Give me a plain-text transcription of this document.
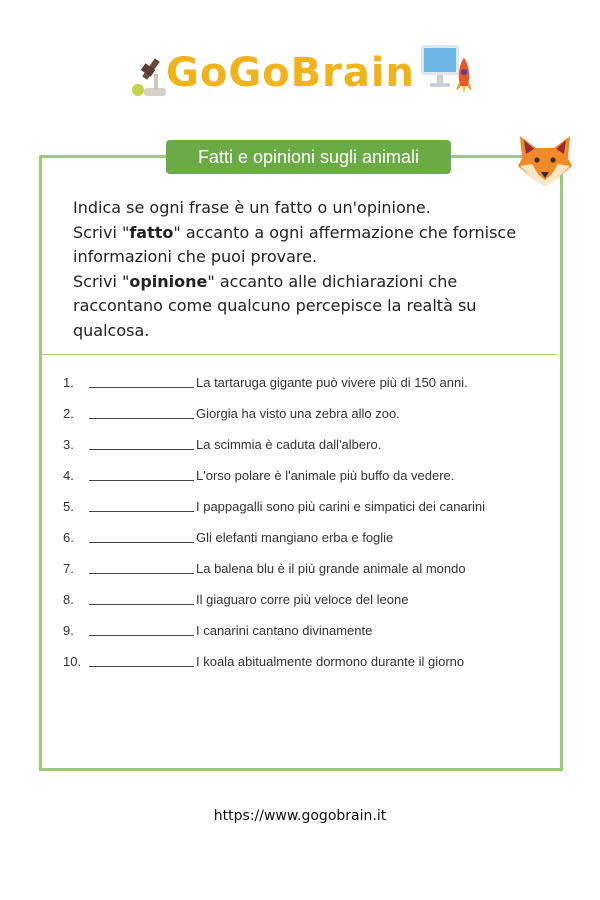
GoGoBrain
Fatti e opinioni sugli animali

Indica se ogni frase è un fatto o un'opinione.

Scrivi "fatto" accanto a ogni affermazione che fornisce informazioni che puoi provare.

Scrivi "opinione" accanto alle dichiarazioni che raccontano come qualcuno percepisce la realtà su qualcosa.

1.	La tartaruga gigante può vivere più di 150 anni.
2.	Giorgia ha visto una zebra allo zoo.
3.	La scimmia è caduta dall'albero.
4.	L'orso polare è l'animale più buffo da vedere.
5.	I pappagalli sono più carini e simpatici dei canarini
6.	Gli elefanti mangiano erba e foglie
7.	La balena blu è il più grande animale al mondo
8.	Il giaguaro corre più veloce del leone
9.	I canarini cantano divinamente
10.	I koala abitualmente dormono durante il giorno
https://www.gogobrain.it
